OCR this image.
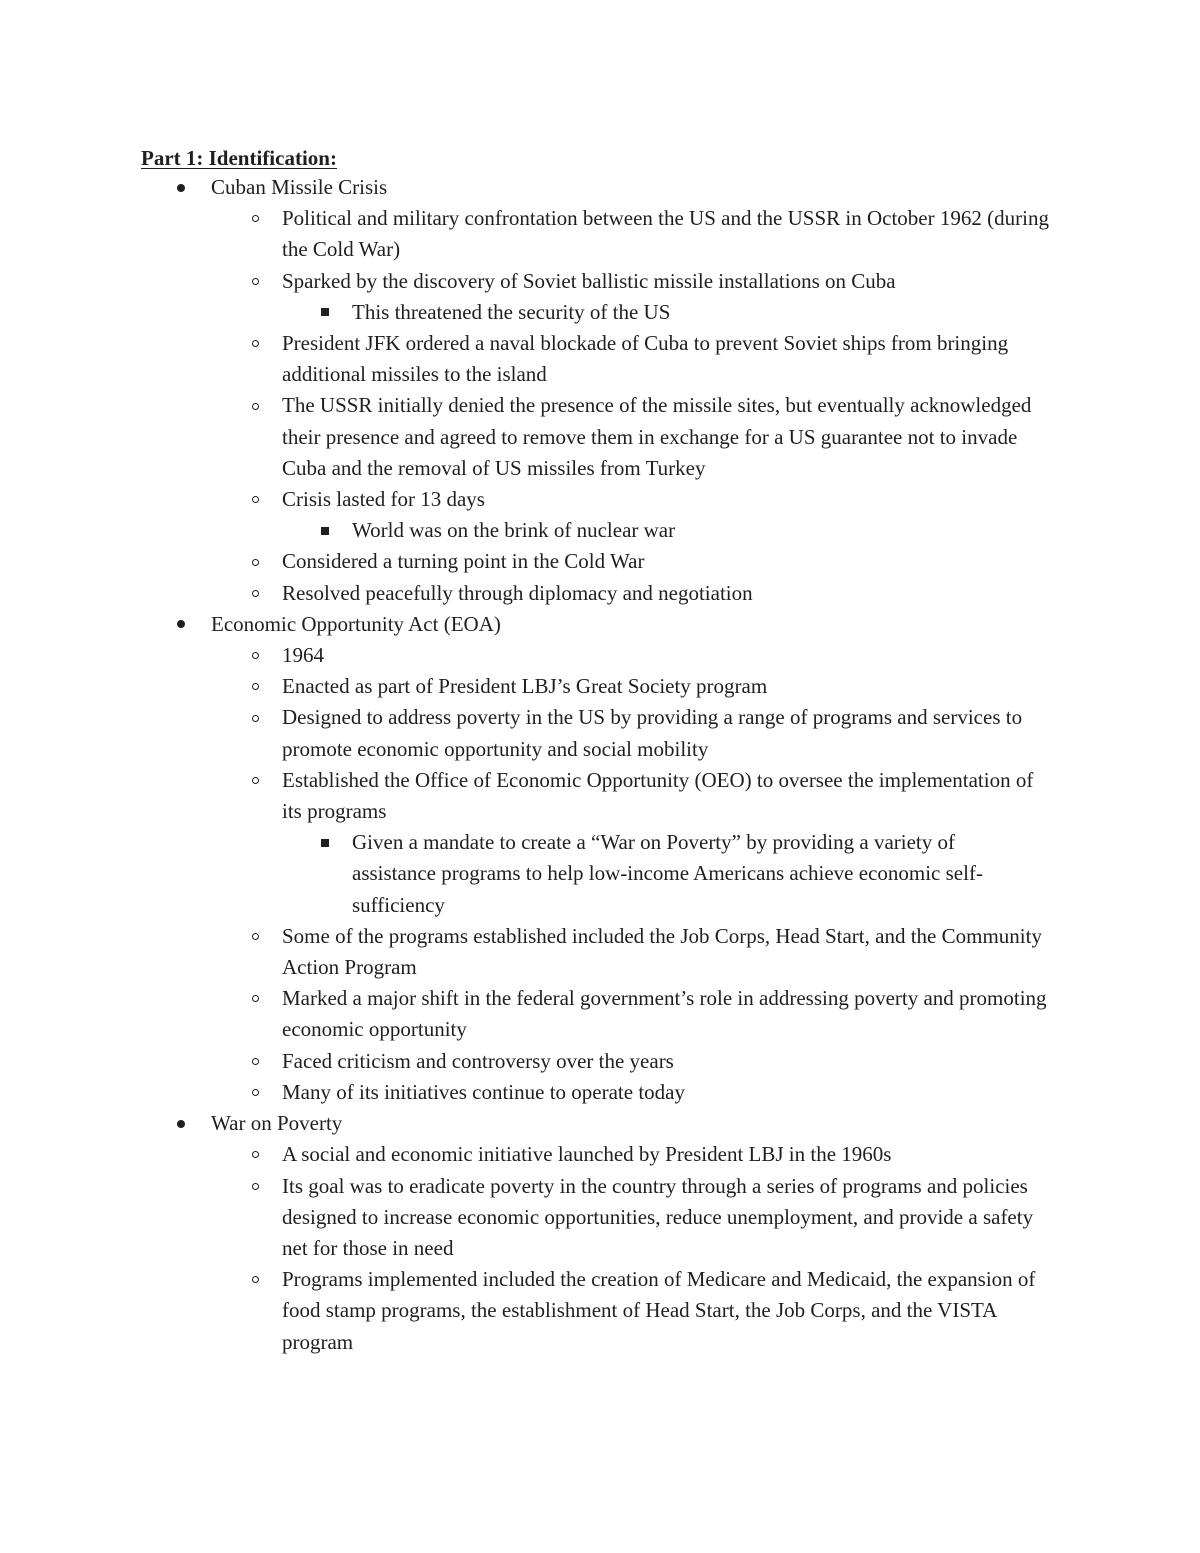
Part 1: Identification:
Cuban Missile Crisis
Political and military confrontation between the US and the USSR in October 1962 (during the Cold War)
Sparked by the discovery of Soviet ballistic missile installations on Cuba
This threatened the security of the US
President JFK ordered a naval blockade of Cuba to prevent Soviet ships from bringing additional missiles to the island
The USSR initially denied the presence of the missile sites, but eventually acknowledged their presence and agreed to remove them in exchange for a US guarantee not to invade Cuba and the removal of US missiles from Turkey
Crisis lasted for 13 days
World was on the brink of nuclear war
Considered a turning point in the Cold War
Resolved peacefully through diplomacy and negotiation
Economic Opportunity Act (EOA)
1964
Enacted as part of President LBJ’s Great Society program
Designed to address poverty in the US by providing a range of programs and services to promote economic opportunity and social mobility
Established the Office of Economic Opportunity (OEO) to oversee the implementation of its programs
Given a mandate to create a “War on Poverty” by providing a variety of assistance programs to help low-income Americans achieve economic self-sufficiency
Some of the programs established included the Job Corps, Head Start, and the Community Action Program
Marked a major shift in the federal government’s role in addressing poverty and promoting economic opportunity
Faced criticism and controversy over the years
Many of its initiatives continue to operate today
War on Poverty
A social and economic initiative launched by President LBJ in the 1960s
Its goal was to eradicate poverty in the country through a series of programs and policies designed to increase economic opportunities, reduce unemployment, and provide a safety net for those in need
Programs implemented included the creation of Medicare and Medicaid, the expansion of food stamp programs, the establishment of Head Start, the Job Corps, and the VISTA program
